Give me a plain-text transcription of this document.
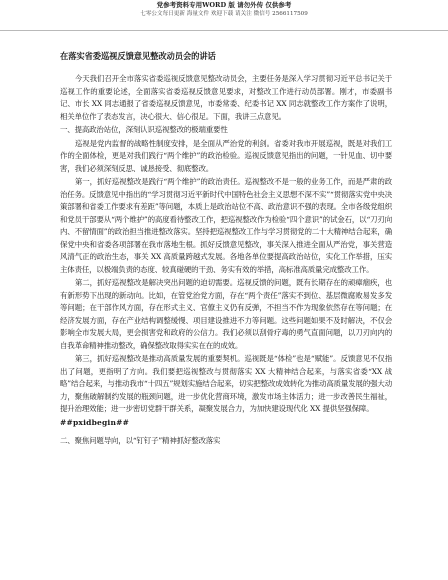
党参考资料专用WORD 版 请勿外传 仅供参考
七零公文每日更新 海量文件 欢迎下载 请关注 微信号 2566117509
在落实省委巡视反馈意见整改动员会的讲话

今天我们召开全市落实省委巡视反馈意见整改动员会，主要任务是深入学习贯彻习近平总书记关于巡视工作的重要论述，全面落实省委巡视反馈意见要求，对整改工作进行动员部署。刚才，市委副书记、市长 XX 同志通报了省委巡视反馈意见，市委常委、纪委书记 XX 同志就整改工作方案作了说明，相关单位作了表态发言，决心很大、信心很足。下面，我讲三点意见。

一、提高政治站位，深刻认识巡视整改的极端重要性

巡视是党内监督的战略性制度安排，是全面从严治党的利剑。省委对我市开展巡视，既是对我们工作的全面体检，更是对我们践行“两个维护”的政治检验。巡视反馈意见指出的问题，一针见血、切中要害，我们必须深刻反思、诚恳接受、彻底整改。

第一，抓好巡视整改是践行“两个维护”的政治责任。巡视整改不是一般的业务工作，而是严肃的政治任务。反馈意见中指出的“学习贯彻习近平新时代中国特色社会主义思想不深不实”“贯彻落实党中央决策部署和省委工作要求有差距”等问题，本质上是政治站位不高、政治意识不强的表现。全市各级党组织和党员干部要从“两个维护”的高度看待整改工作，把巡视整改作为检验“四个意识”的试金石，以“刀刃向内、不留情面”的政治担当推进整改落实。坚持把巡视整改工作与学习贯彻党的二十大精神结合起来，确保党中央和省委各项部署在我市落地生根。抓好反馈意见整改，事关深入推进全面从严治党，事关营造风清气正的政治生态，事关 XX 高质量跨越式发展。各地各单位要提高政治站位，实化工作举措，压实主体责任，以极端负责的态度、较真碰硬的干劲、务实有效的举措，高标准高质量完成整改工作。

第二，抓好巡视整改是解决突出问题的迫切需要。巡视反馈的问题，既有长期存在的顽瘴痼疾，也有新形势下出现的新动向。比如，在管党治党方面，存在“两个责任”落实不到位、基层微腐败易发多发等问题；在干部作风方面，存在形式主义、官僚主义仍有反弹，不担当不作为现象依然存在等问题；在经济发展方面，存在产业结构调整缓慢、项目建设推进不力等问题。这些问题如果不及时解决，不仅会影响全市发展大局，更会损害党和政府的公信力。我们必须以刮骨疗毒的勇气直面问题，以刀刃向内的自我革命精神推动整改，确保整改取得实实在在的成效。

第三，抓好巡视整改是推动高质量发展的重要契机。巡视既是“体检”也是“赋能”。反馈意见不仅指出了问题，更指明了方向。我们要把巡视整改与贯彻落实 XX 大精神结合起来，与落实省委“XX 战略”结合起来，与推动我市“十四五”规划实施结合起来，切实把整改成效转化为推动高质量发展的强大动力，聚焦破解制约发展的瓶颈问题，进一步优化营商环境，激发市场主体活力；进一步改善民生福祉，提升治理效能；进一步密切党群干群关系，凝聚发展合力，为加快建设现代化 XX 提供坚强保障。

##pxidbegin##

二、聚焦问题导向，以“钉钉子”精神抓好整改落实
